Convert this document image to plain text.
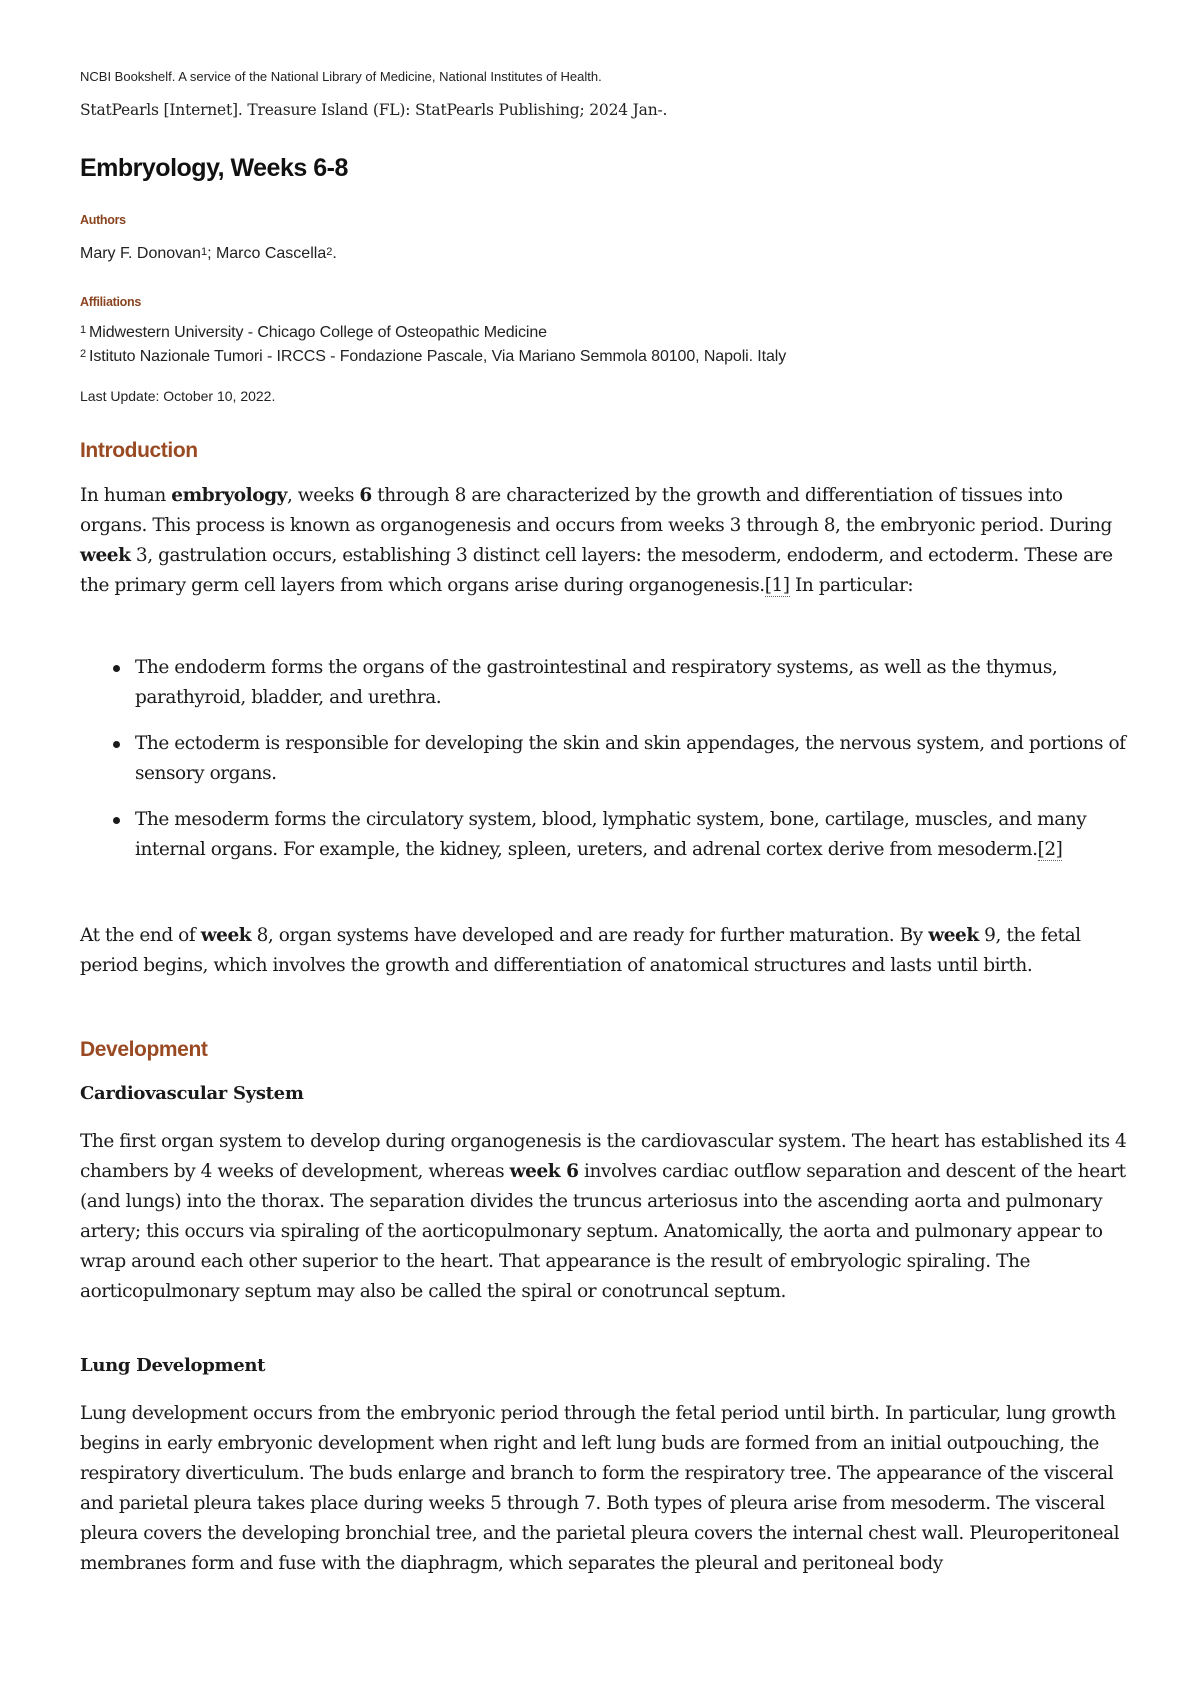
NCBI Bookshelf. A service of the National Library of Medicine, National Institutes of Health.
StatPearls [Internet]. Treasure Island (FL): StatPearls Publishing; 2024 Jan-.
Embryology, Weeks 6-8
Authors
Mary F. Donovan$^1$; Marco Cascella$^2$.
Affiliations
$^1$ Midwestern University - Chicago College of Osteopathic Medicine
$^2$ Istituto Nazionale Tumori - IRCCS - Fondazione Pascale, Via Mariano Semmola 80100, Napoli. Italy
Last Update: October 10, 2022.
Introduction

In human embryology, weeks 6 through 8 are characterized by the growth and differentiation of tissues into organs. This process is known as organogenesis and occurs from weeks 3 through 8, the embryonic period. During week 3, gastrulation occurs, establishing 3 distinct cell layers: the mesoderm, endoderm, and ectoderm. These are the primary germ cell layers from which organs arise during organogenesis.[1] In particular:

The endoderm forms the organs of the gastrointestinal and respiratory systems, as well as the thymus, parathyroid, bladder, and urethra.
The ectoderm is responsible for developing the skin and skin appendages, the nervous system, and portions of sensory organs.
The mesoderm forms the circulatory system, blood, lymphatic system, bone, cartilage, muscles, and many internal organs. For example, the kidney, spleen, ureters, and adrenal cortex derive from mesoderm.[2]

At the end of week 8, organ systems have developed and are ready for further maturation. By week 9, the fetal period begins, which involves the growth and differentiation of anatomical structures and lasts until birth.

Development
Cardiovascular System

The first organ system to develop during organogenesis is the cardiovascular system. The heart has established its 4 chambers by 4 weeks of development, whereas week 6 involves cardiac outflow separation and descent of the heart (and lungs) into the thorax. The separation divides the truncus arteriosus into the ascending aorta and pulmonary artery; this occurs via spiraling of the aorticopulmonary septum. Anatomically, the aorta and pulmonary appear to wrap around each other superior to the heart. That appearance is the result of embryologic spiraling. The aorticopulmonary septum may also be called the spiral or conotruncal septum.

Lung Development

Lung development occurs from the embryonic period through the fetal period until birth. In particular, lung growth begins in early embryonic development when right and left lung buds are formed from an initial outpouching, the respiratory diverticulum. The buds enlarge and branch to form the respiratory tree. The appearance of the visceral and parietal pleura takes place during weeks 5 through 7. Both types of pleura arise from mesoderm. The visceral pleura covers the developing bronchial tree, and the parietal pleura covers the internal chest wall. Pleuroperitoneal membranes form and fuse with the diaphragm, which separates the pleural and peritoneal body
